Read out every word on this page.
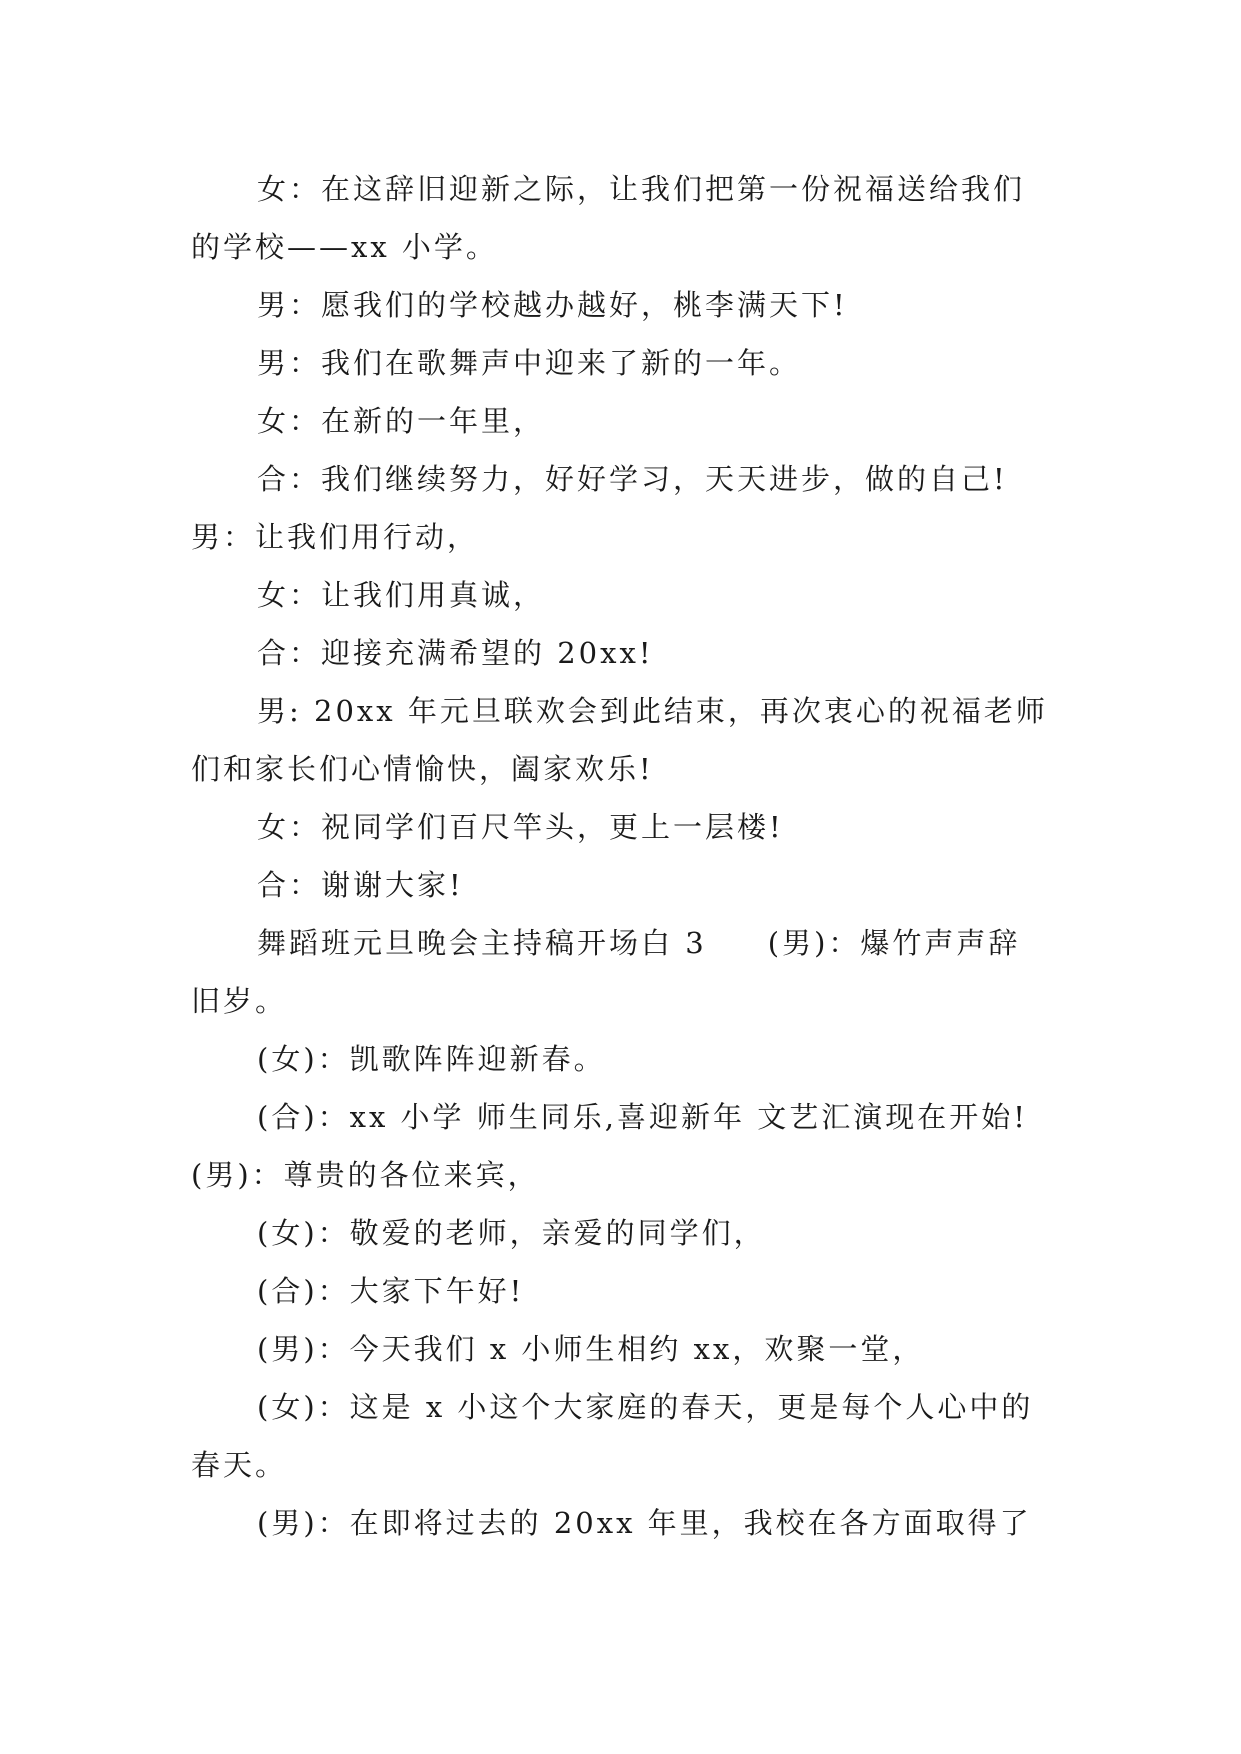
女：在这辞旧迎新之际，让我们把第一份祝福送给我们
的学校——xx 小学。
男：愿我们的学校越办越好，桃李满天下!
男：我们在歌舞声中迎来了新的一年。
女：在新的一年里，
合：我们继续努力，好好学习，天天进步，做的自己!
男：让我们用行动，
女：让我们用真诚，
合：迎接充满希望的 20xx!
男: 20xx 年元旦联欢会到此结束，再次衷心的祝福老师
们和家长们心情愉快，阖家欢乐!
女：祝同学们百尺竿头，更上一层楼!
合：谢谢大家!
舞蹈班元旦晚会主持稿开场白 3     (男)：爆竹声声辞
旧岁。
(女)：凯歌阵阵迎新春。
(合)：xx 小学 师生同乐,喜迎新年 文艺汇演现在开始!
(男)：尊贵的各位来宾，
(女)：敬爱的老师，亲爱的同学们，
(合)：大家下午好!
(男)：今天我们 x 小师生相约 xx，欢聚一堂，
(女)：这是 x 小这个大家庭的春天，更是每个人心中的
春天。
(男)：在即将过去的 20xx 年里，我校在各方面取得了
